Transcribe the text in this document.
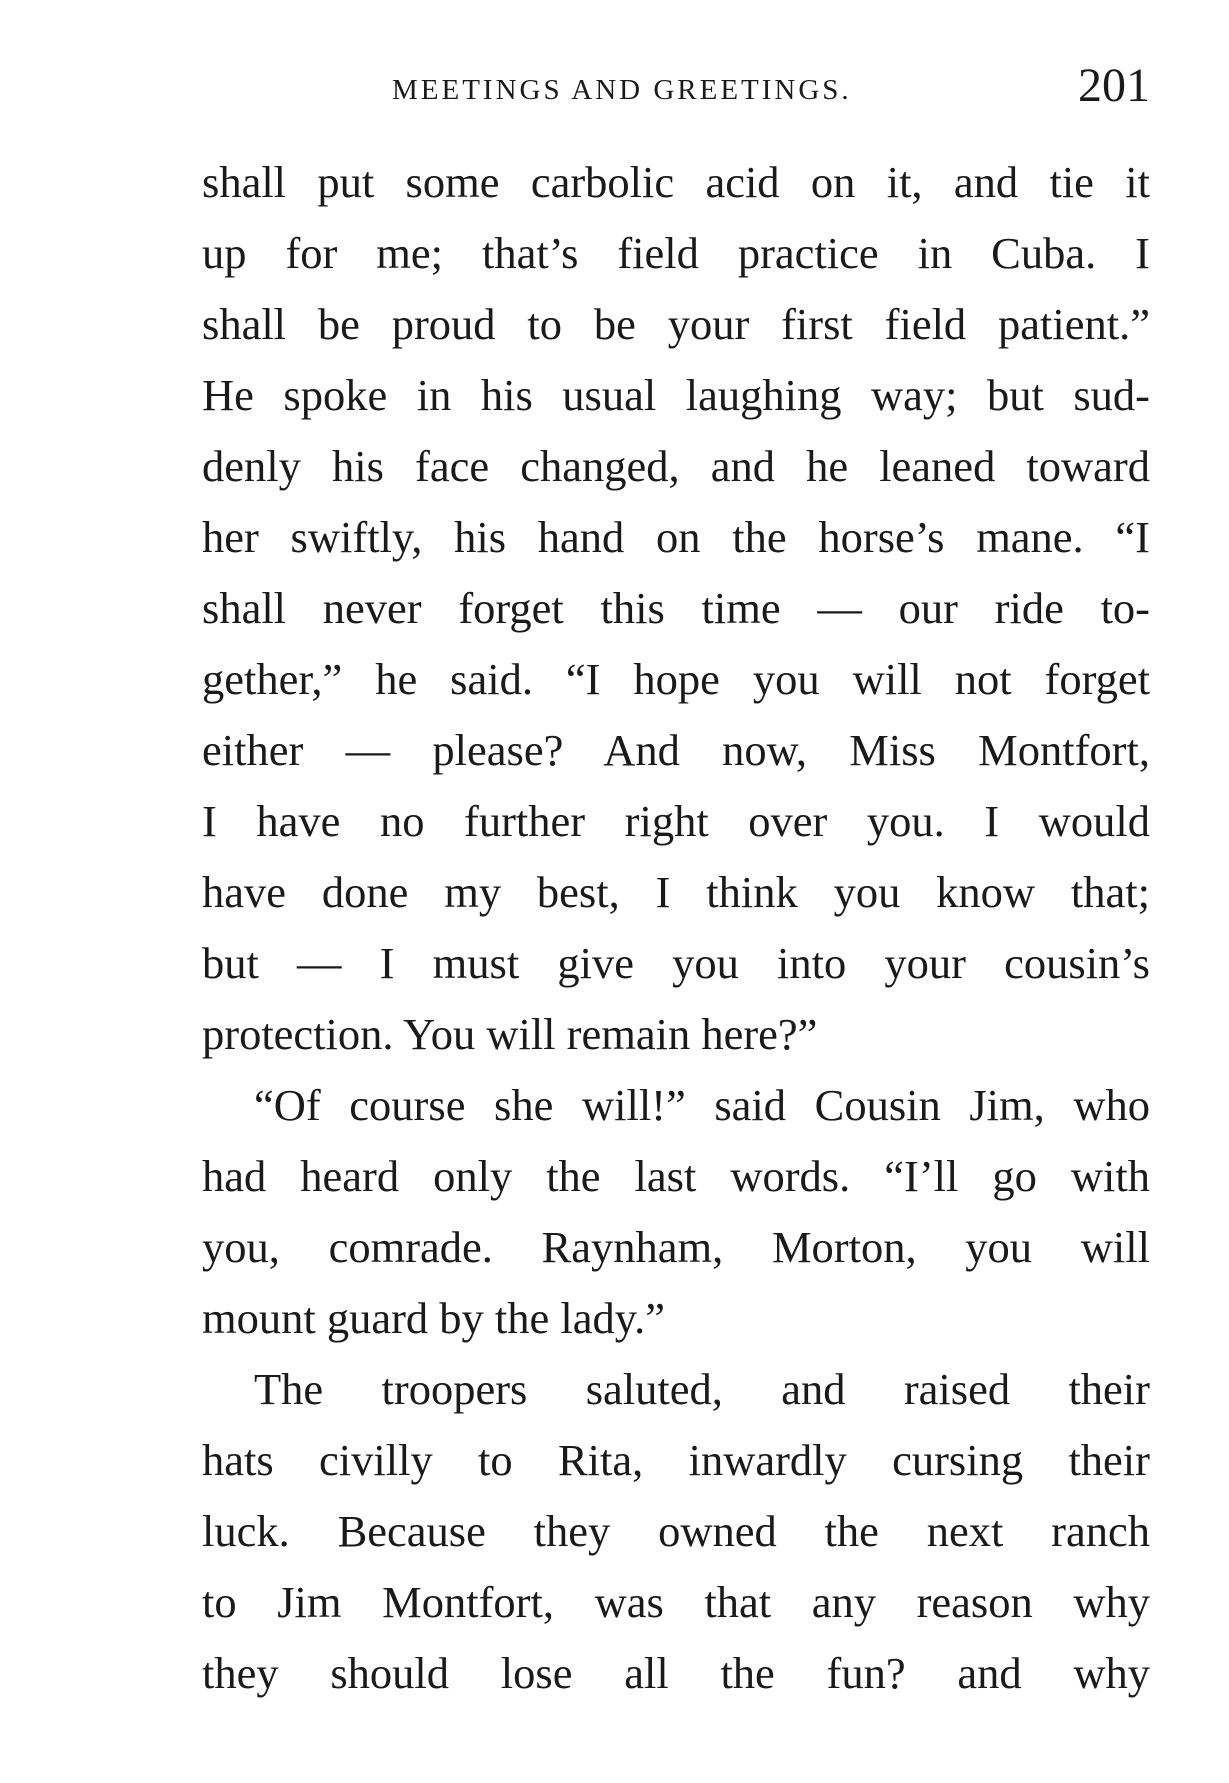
MEETINGS AND GREETINGS.	201
shall put some carbolic acid on it, and tie it
up for me; that’s field practice in Cuba. I
shall be proud to be your first field patient.”
He spoke in his usual laughing way; but sud-
denly his face changed, and he leaned toward
her swiftly, his hand on the horse’s mane. “I
shall never forget this time — our ride to-
gether,” he said. “I hope you will not forget
either — please? And now, Miss Montfort,
I have no further right over you. I would
have done my best, I think you know that;
but — I must give you into your cousin’s
protection. You will remain here?”
“Of course she will!” said Cousin Jim, who
had heard only the last words. “I’ll go with
you, comrade. Raynham, Morton, you will
mount guard by the lady.”
The troopers saluted, and raised their
hats civilly to Rita, inwardly cursing their
luck. Because they owned the next ranch
to Jim Montfort, was that any reason why
they should lose all the fun? and why
